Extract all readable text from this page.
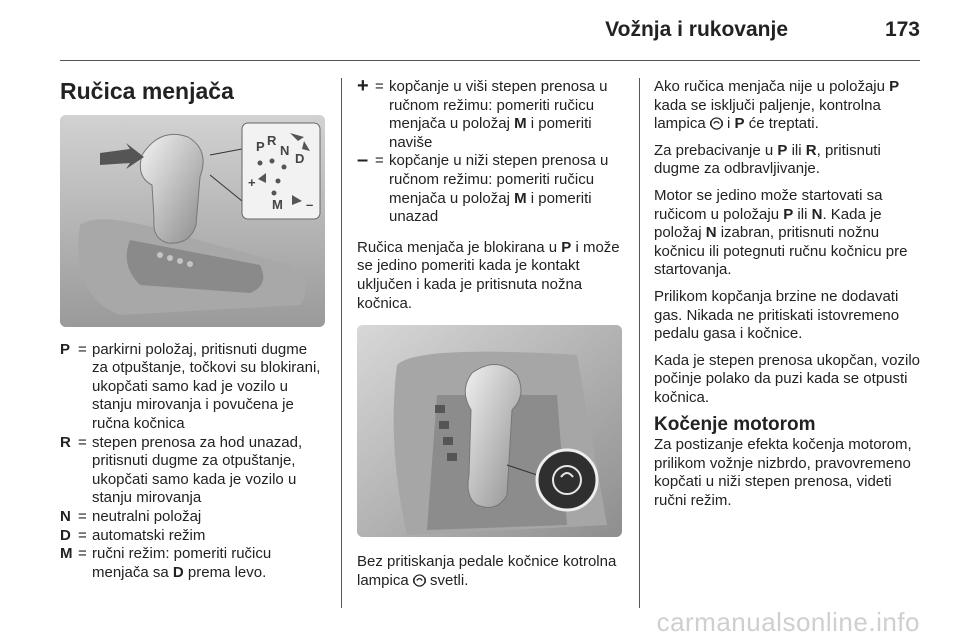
Vožnja i rukovanje	173
Ručica menjača
P R
N
D
M
+
–
P = parkirni položaj, pritisnuti dugme za otpuštanje, točkovi su blokirani, ukopčati samo kad je vozilo u stanju mirovanja i povučena je ručna kočnica
R = stepen prenosa za hod unazad, pritisnuti dugme za otpuštanje, ukopčati samo kada je vozilo u stanju mirovanja
N = neutralni položaj
D = automatski režim
M = ručni režim: pomeriti ručicu menjača sa D prema levo.
+ = kopčanje u viši stepen prenosa u ručnom režimu: pomeriti ručicu menjača u položaj M i pomeriti naviše
– = kopčanje u niži stepen prenosa u ručnom režimu: pomeriti ručicu menjača u položaj M i pomeriti unazad

Ručica menjača je blokirana u P i može se jedino pomeriti kada je kontakt uključen i kada je pritisnuta nožna kočnica.

Bez pritiskanja pedale kočnice kotrolna lampica  svetli.

Ako ručica menjača nije u položaju P kada se isključi paljenje, kontrolna lampica  i P će treptati.

Za prebacivanje u P ili R, pritisnuti dugme za odbravljivanje.

Motor se jedino može startovati sa ručicom u položaju P ili N. Kada je položaj N izabran, pritisnuti nožnu kočnicu ili potegnuti ručnu kočnicu pre startovanja.

Prilikom kopčanja brzine ne dodavati gas. Nikada ne pritiskati istovremeno pedalu gasa i kočnice.

Kada je stepen prenosa ukopčan, vozilo počinje polako da puzi kada se otpusti kočnica.

Kočenje motorom

Za postizanje efekta kočenja motorom, prilikom vožnje nizbrdo, pravovremeno kopčati u niži stepen prenosa, videti ručni režim.

carmanualsonline.info
